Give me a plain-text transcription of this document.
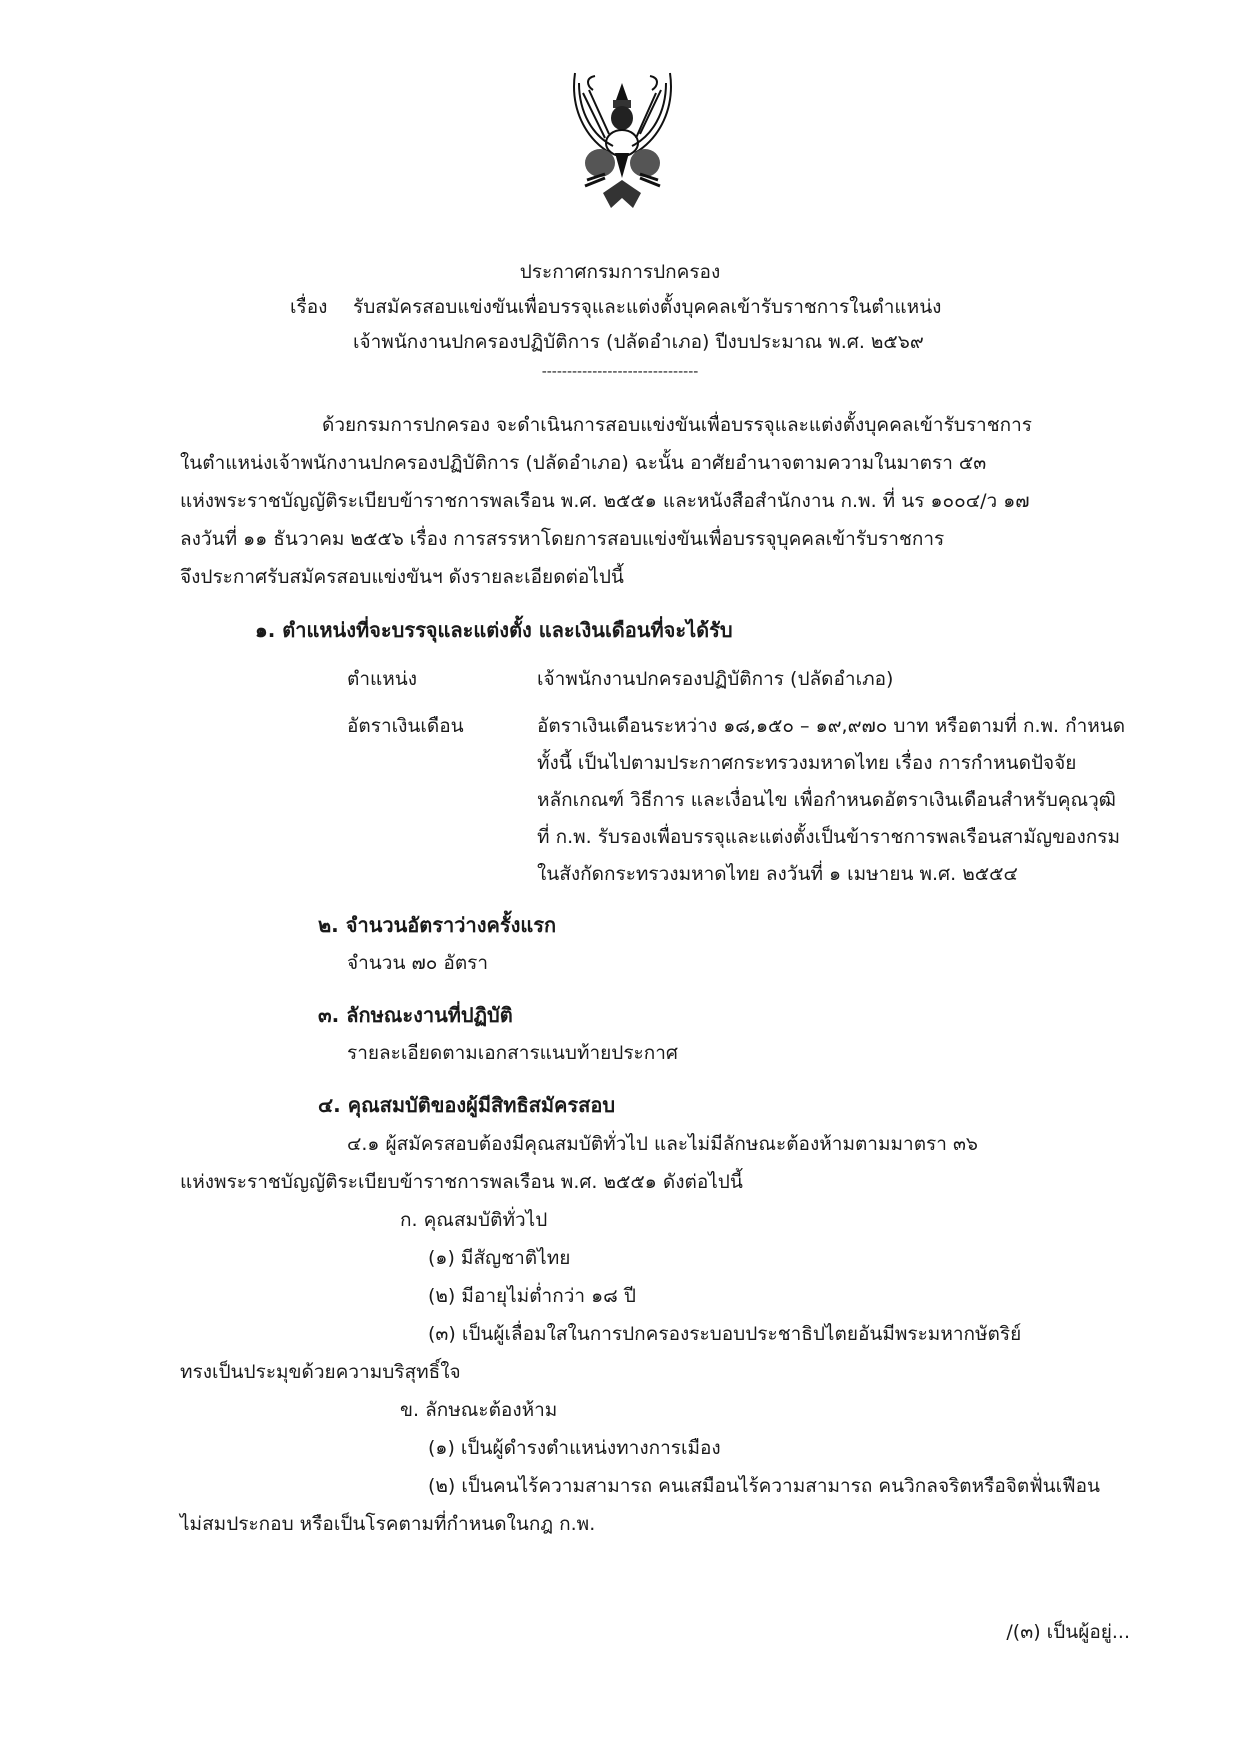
ประกาศกรมการปกครอง
เรื่อง รับสมัครสอบแข่งขันเพื่อบรรจุและแต่งตั้งบุคคลเข้ารับราชการในตำแหน่ง
เจ้าพนักงานปกครองปฏิบัติการ (ปลัดอำเภอ) ปีงบประมาณ พ.ศ. ๒๕๖๙
-------------------------------
ด้วยกรมการปกครอง จะดำเนินการสอบแข่งขันเพื่อบรรจุและแต่งตั้งบุคคลเข้ารับราชการ
ในตำแหน่งเจ้าพนักงานปกครองปฏิบัติการ (ปลัดอำเภอ) ฉะนั้น อาศัยอำนาจตามความในมาตรา ๕๓
แห่งพระราชบัญญัติระเบียบข้าราชการพลเรือน พ.ศ. ๒๕๕๑ และหนังสือสำนักงาน ก.พ. ที่ นร ๑๐๐๔/ว ๑๗
ลงวันที่ ๑๑ ธันวาคม ๒๕๕๖ เรื่อง การสรรหาโดยการสอบแข่งขันเพื่อบรรจุบุคคลเข้ารับราชการ
จึงประกาศรับสมัครสอบแข่งขันฯ ดังรายละเอียดต่อไปนี้
๑. ตำแหน่งที่จะบรรจุและแต่งตั้ง และเงินเดือนที่จะได้รับ
ตำแหน่ง	เจ้าพนักงานปกครองปฏิบัติการ (ปลัดอำเภอ)
อัตราเงินเดือน	อัตราเงินเดือนระหว่าง ๑๘,๑๕๐ – ๑๙,๙๗๐ บาท หรือตามที่ ก.พ. กำหนด
ทั้งนี้ เป็นไปตามประกาศกระทรวงมหาดไทย เรื่อง การกำหนดปัจจัย
หลักเกณฑ์ วิธีการ และเงื่อนไข เพื่อกำหนดอัตราเงินเดือนสำหรับคุณวุฒิ
ที่ ก.พ. รับรองเพื่อบรรจุและแต่งตั้งเป็นข้าราชการพลเรือนสามัญของกรม
ในสังกัดกระทรวงมหาดไทย ลงวันที่ ๑ เมษายน พ.ศ. ๒๕๕๔
๒. จำนวนอัตราว่างครั้งแรก
จำนวน ๗๐ อัตรา
๓. ลักษณะงานที่ปฏิบัติ
รายละเอียดตามเอกสารแนบท้ายประกาศ
๔. คุณสมบัติของผู้มีสิทธิสมัครสอบ
๔.๑ ผู้สมัครสอบต้องมีคุณสมบัติทั่วไป และไม่มีลักษณะต้องห้ามตามมาตรา ๓๖
แห่งพระราชบัญญัติระเบียบข้าราชการพลเรือน พ.ศ. ๒๕๕๑ ดังต่อไปนี้
ก. คุณสมบัติทั่วไป
(๑) มีสัญชาติไทย
(๒) มีอายุไม่ต่ำกว่า ๑๘ ปี
(๓) เป็นผู้เลื่อมใสในการปกครองระบอบประชาธิปไตยอันมีพระมหากษัตริย์
ทรงเป็นประมุขด้วยความบริสุทธิ์ใจ
ข. ลักษณะต้องห้าม
(๑) เป็นผู้ดำรงตำแหน่งทางการเมือง
(๒) เป็นคนไร้ความสามารถ คนเสมือนไร้ความสามารถ คนวิกลจริตหรือจิตฟั่นเฟือน
ไม่สมประกอบ หรือเป็นโรคตามที่กำหนดในกฎ ก.พ.
/(๓) เป็นผู้อยู่...
